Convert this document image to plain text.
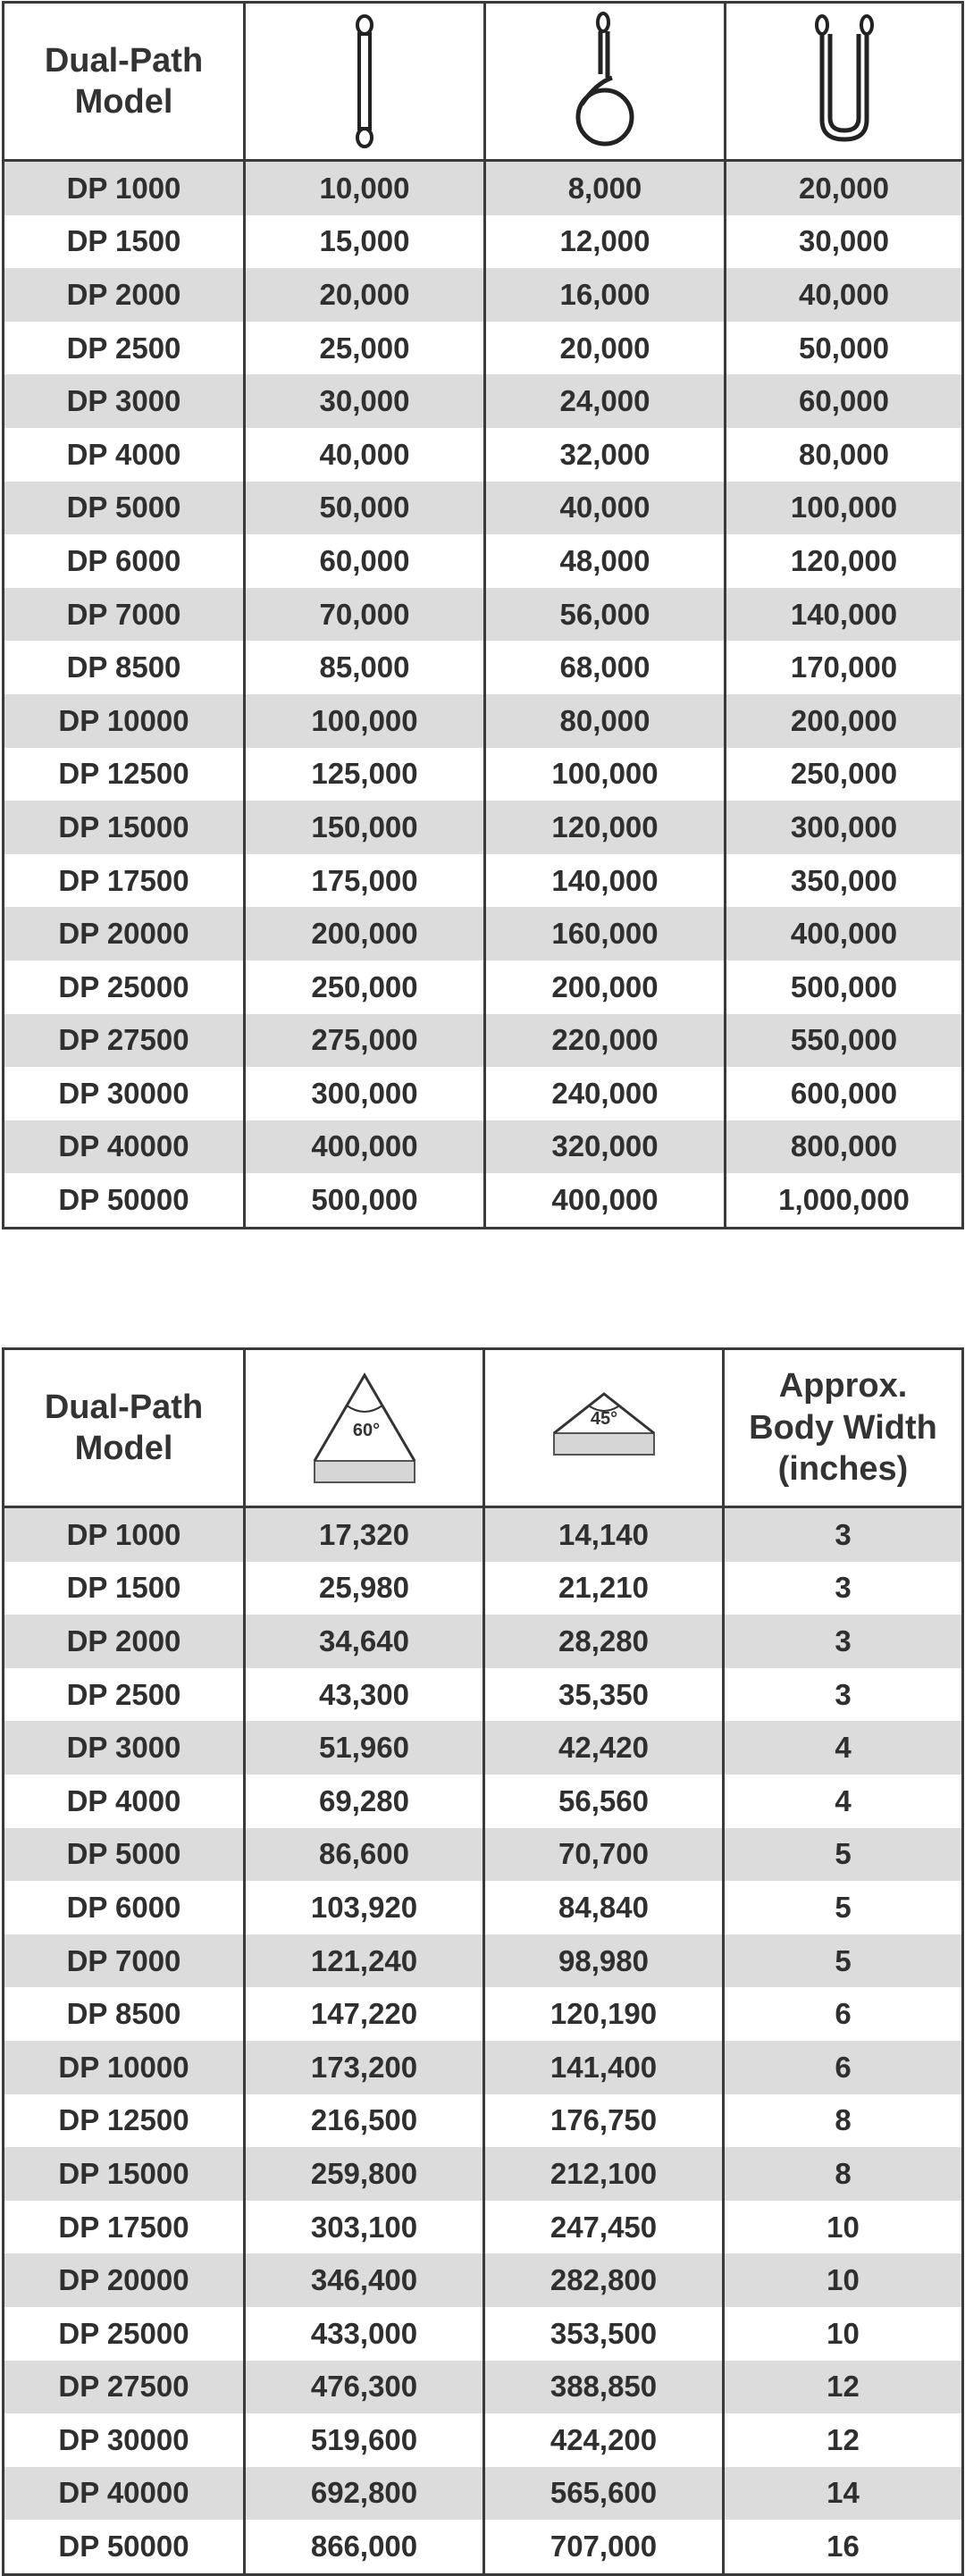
Dual-Path
Model	

DP 1000	10,000	8,000	20,000
DP 1500	15,000	12,000	30,000
DP 2000	20,000	16,000	40,000
DP 2500	25,000	20,000	50,000
DP 3000	30,000	24,000	60,000
DP 4000	40,000	32,000	80,000
DP 5000	50,000	40,000	100,000
DP 6000	60,000	48,000	120,000
DP 7000	70,000	56,000	140,000
DP 8500	85,000	68,000	170,000
DP 10000	100,000	80,000	200,000
DP 12500	125,000	100,000	250,000
DP 15000	150,000	120,000	300,000
DP 17500	175,000	140,000	350,000
DP 20000	200,000	160,000	400,000
DP 25000	250,000	200,000	500,000
DP 27500	275,000	220,000	550,000
DP 30000	300,000	240,000	600,000
DP 40000	400,000	320,000	800,000
DP 50000	500,000	400,000	1,000,000
Dual-Path
Model	60°	45°	Approx.
Body Width
(inches)
DP 1000	17,320	14,140	3
DP 1500	25,980	21,210	3
DP 2000	34,640	28,280	3
DP 2500	43,300	35,350	3
DP 3000	51,960	42,420	4
DP 4000	69,280	56,560	4
DP 5000	86,600	70,700	5
DP 6000	103,920	84,840	5
DP 7000	121,240	98,980	5
DP 8500	147,220	120,190	6
DP 10000	173,200	141,400	6
DP 12500	216,500	176,750	8
DP 15000	259,800	212,100	8
DP 17500	303,100	247,450	10
DP 20000	346,400	282,800	10
DP 25000	433,000	353,500	10
DP 27500	476,300	388,850	12
DP 30000	519,600	424,200	12
DP 40000	692,800	565,600	14
DP 50000	866,000	707,000	16
